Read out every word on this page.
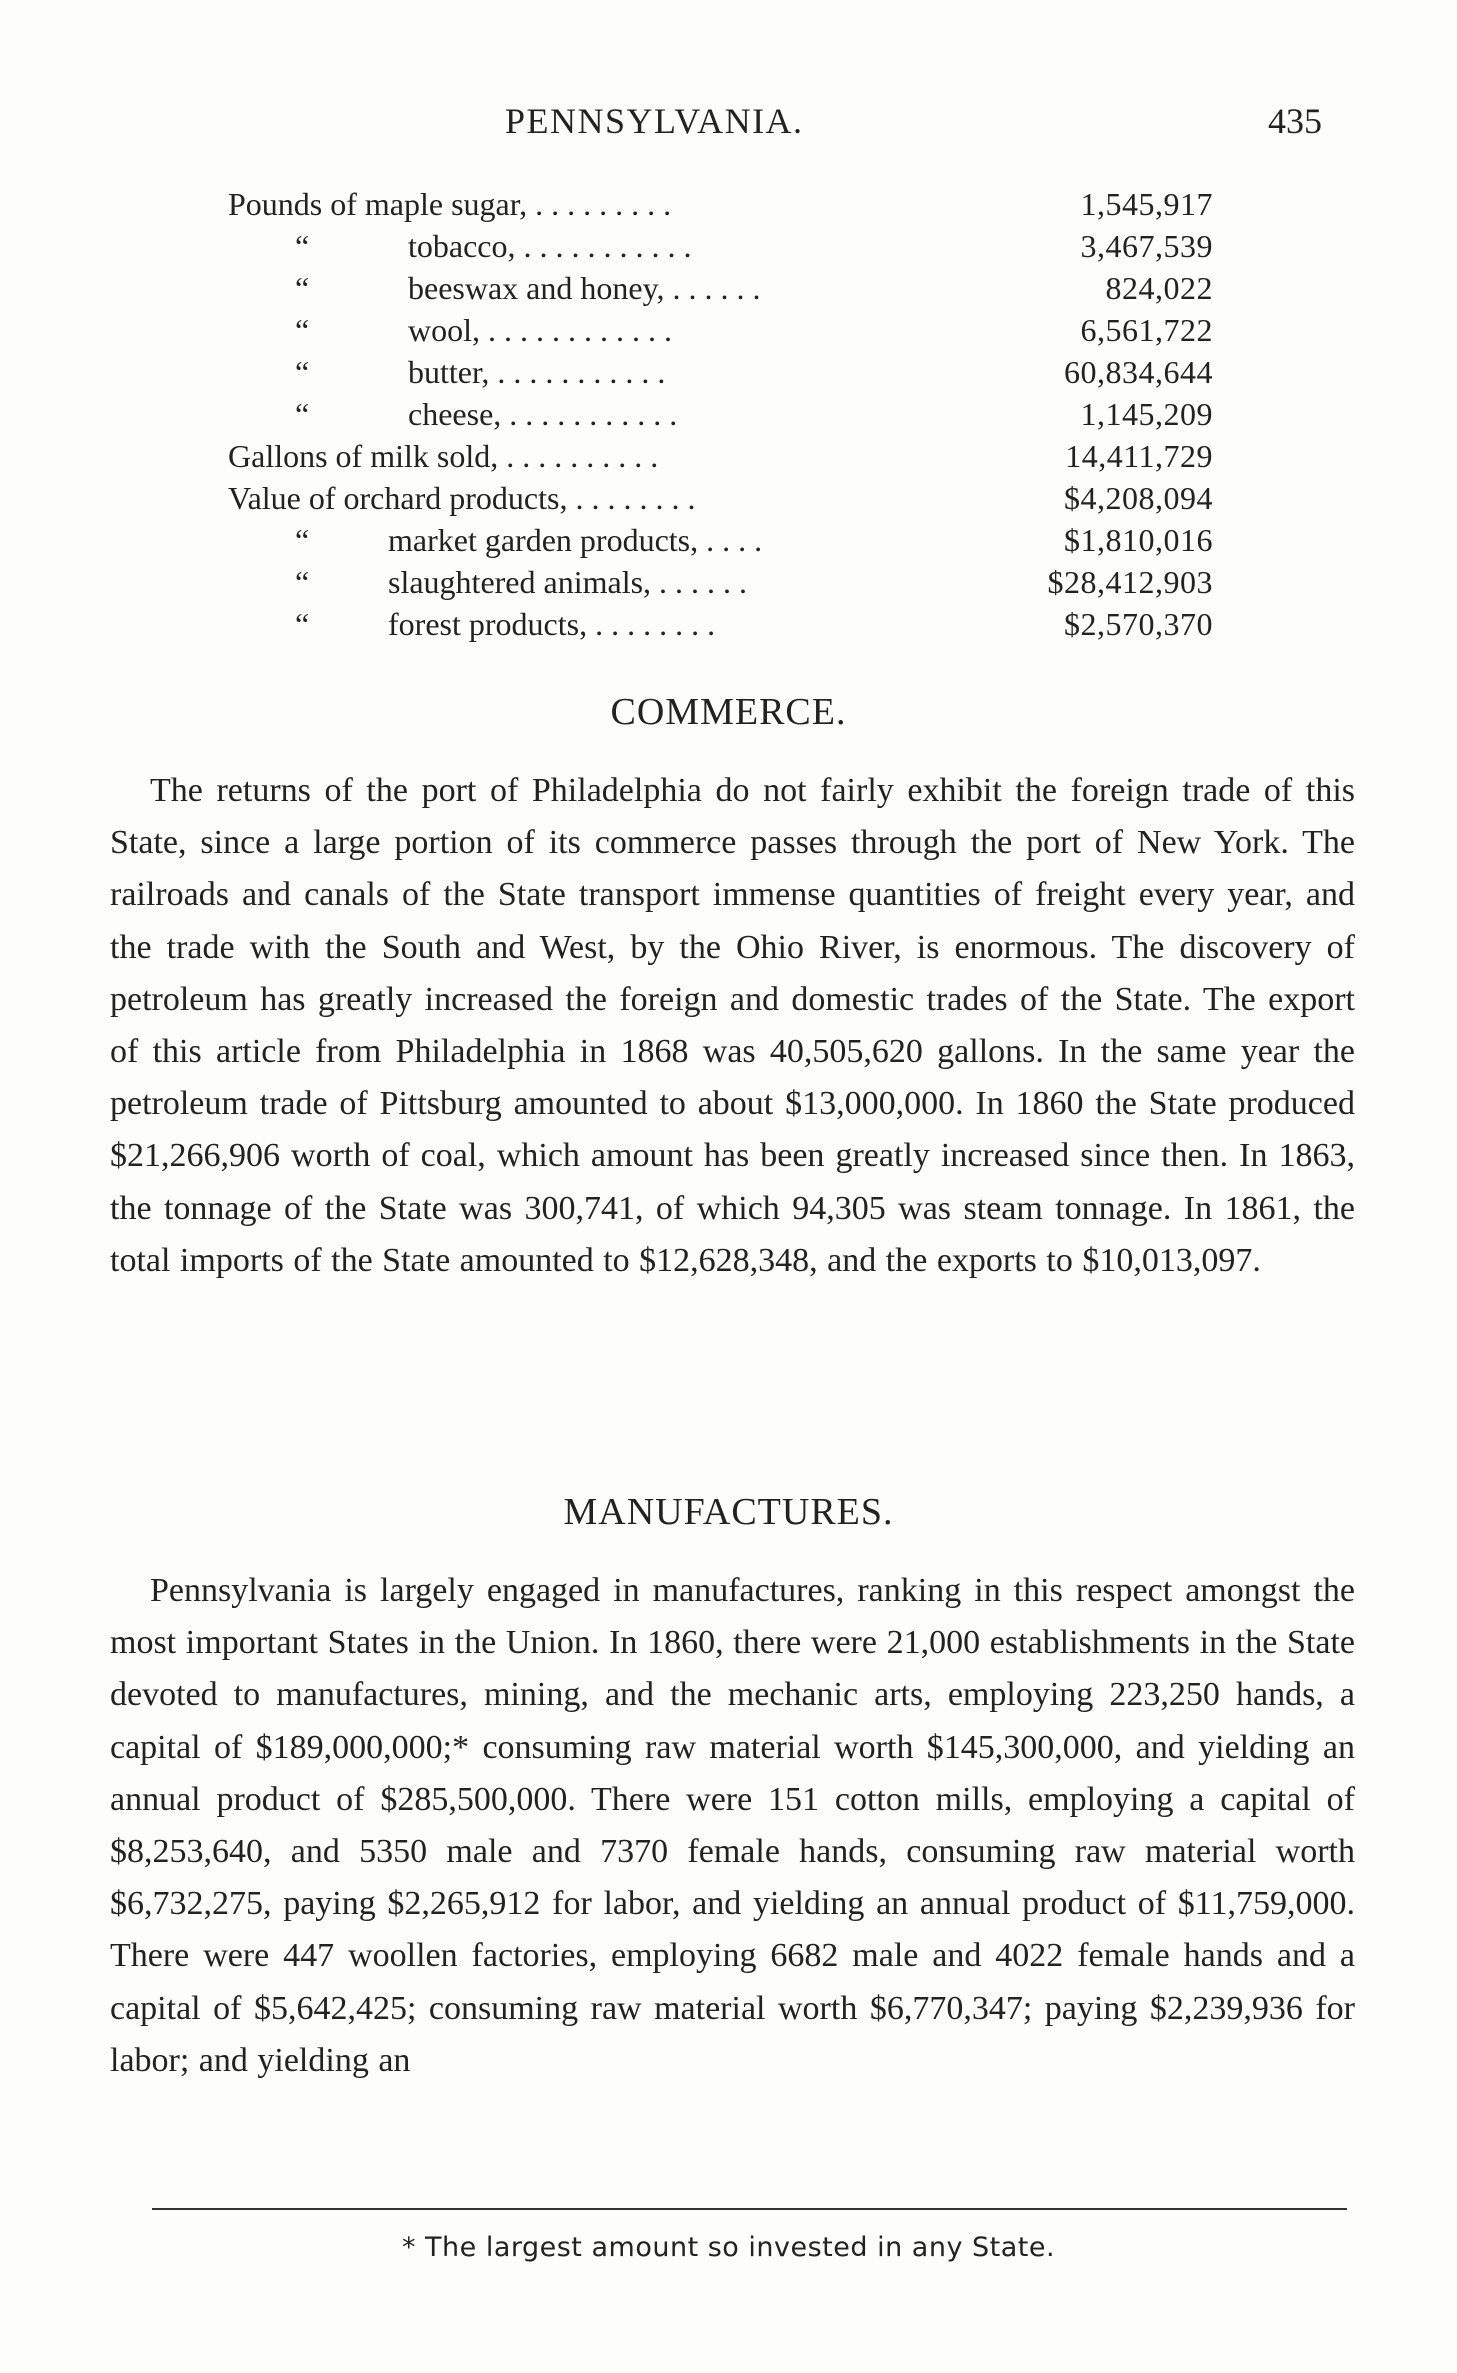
PENNSYLVANIA.	435
Pounds of maple sugar, . . . . . . . . .	1,545,917
“	tobacco, . . . . . . . . . . .	3,467,539
“	beeswax and honey, . . . . . .	824,022
“	wool, . . . . . . . . . . . .	6,561,722
“	butter, . . . . . . . . . . .	60,834,644
“	cheese, . . . . . . . . . . .	1,145,209
Gallons of milk sold, . . . . . . . . . .	14,411,729
Value of orchard products, . . . . . . . .	$4,208,094
“ market garden products, . . . .	$1,810,016
“ slaughtered animals, . . . . . .	$28,412,903
“ forest products, . . . . . . . .	$2,570,370
COMMERCE.
The returns of the port of Philadelphia do not fairly exhibit the foreign trade of this State, since a large portion of its commerce passes through the port of New York. The railroads and canals of the State transport immense quantities of freight every year, and the trade with the South and West, by the Ohio River, is enormous. The discovery of petroleum has greatly increased the foreign and domestic trades of the State. The export of this article from Philadelphia in 1868 was 40,505,620 gallons. In the same year the petroleum trade of Pittsburg amounted to about $13,000,000. In 1860 the State produced $21,266,906 worth of coal, which amount has been greatly increased since then. In 1863, the tonnage of the State was 300,741, of which 94,305 was steam tonnage. In 1861, the total imports of the State amounted to $12,628,348, and the exports to $10,013,097.
MANUFACTURES.
Pennsylvania is largely engaged in manufactures, ranking in this respect amongst the most important States in the Union. In 1860, there were 21,000 establishments in the State devoted to manufactures, mining, and the mechanic arts, employing 223,250 hands, a capital of $189,000,000;* consuming raw material worth $145,300,000, and yielding an annual product of $285,500,000. There were 151 cotton mills, employing a capital of $8,253,640, and 5350 male and 7370 female hands, consuming raw material worth $6,732,275, paying $2,265,912 for labor, and yielding an annual product of $11,759,000. There were 447 woollen factories, employing 6682 male and 4022 female hands and a capital of $5,642,425; consuming raw material worth $6,770,347; paying $2,239,936 for labor; and yielding an
* The largest amount so invested in any State.
